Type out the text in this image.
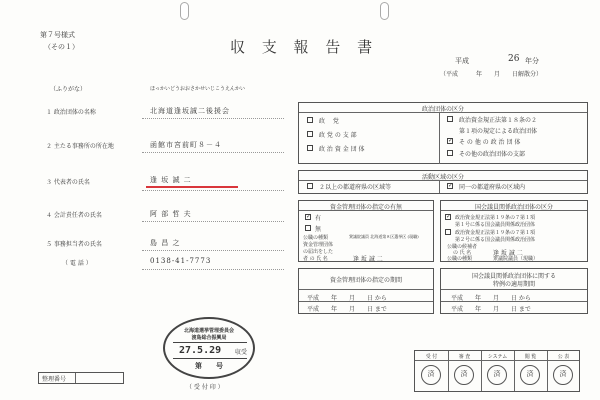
第７号様式
（その１）	収 支 報 告 書
平成	26 年分
（平成　　　年　　月　　日解散分）
（ふりがな）	ほっかいどうおおさかせいじこうえんかい
１ 政治団体の名称	北海道逢坂誠二後援会
２ 主たる事務所の所在地	函館市宮前町８－４
３ 代表者の氏名	逢 坂 誠 二
４ 会計責任者の氏名	阿 部 哲 夫
５ 事務担当者の氏名	島 昌 之
（ 電 話 ）	0138-41-7773
政治団体の区分
政 党
政 党 の 支 部
政 治 資 金 団 体
政治資金規正法第１８条の２
第１項の規定による政治団体
✓ そ の 他 の 政 治 団 体
その他の政治団体の支部
活動区域の区分
２以上の都道府県の区域等	✓ 同一の都道府県の区域内
資金管理団体の指定の有無
✓ 有
無
公職の種類
資金管理団体
の届出をした
者 の 氏 名
衆議院議員 北海道第８区選挙区 (現職)
逢 坂 誠 二
国会議員関係政治団体の区分
✓ 政治資金規正法第１９条の７第１項
第１号に係る国会議員関係政治団体
政治資金規正法第１９条の７第１項
第２号に係る国会議員関係政治団体
公職の候補者
の 氏 名	逢 坂 誠 二
公職の種類	衆議院議員（現職）
資金管理団体の指定の期間
平成　　年　　月　　日 から
平成　　年　　月　　日 まで
国会議員関係政治団体に関する
特例の適用期間
平成　　年　　月　　日 から
平成　　年　　月　　日 まで
北海道選挙管理委員会
渡島総合振興局
27.5.29 収受
第　　号
（ 受 付 印 ）
整理番号
受 付	審 査	システム	閲 覧	公 表
済	済	済	済	済
